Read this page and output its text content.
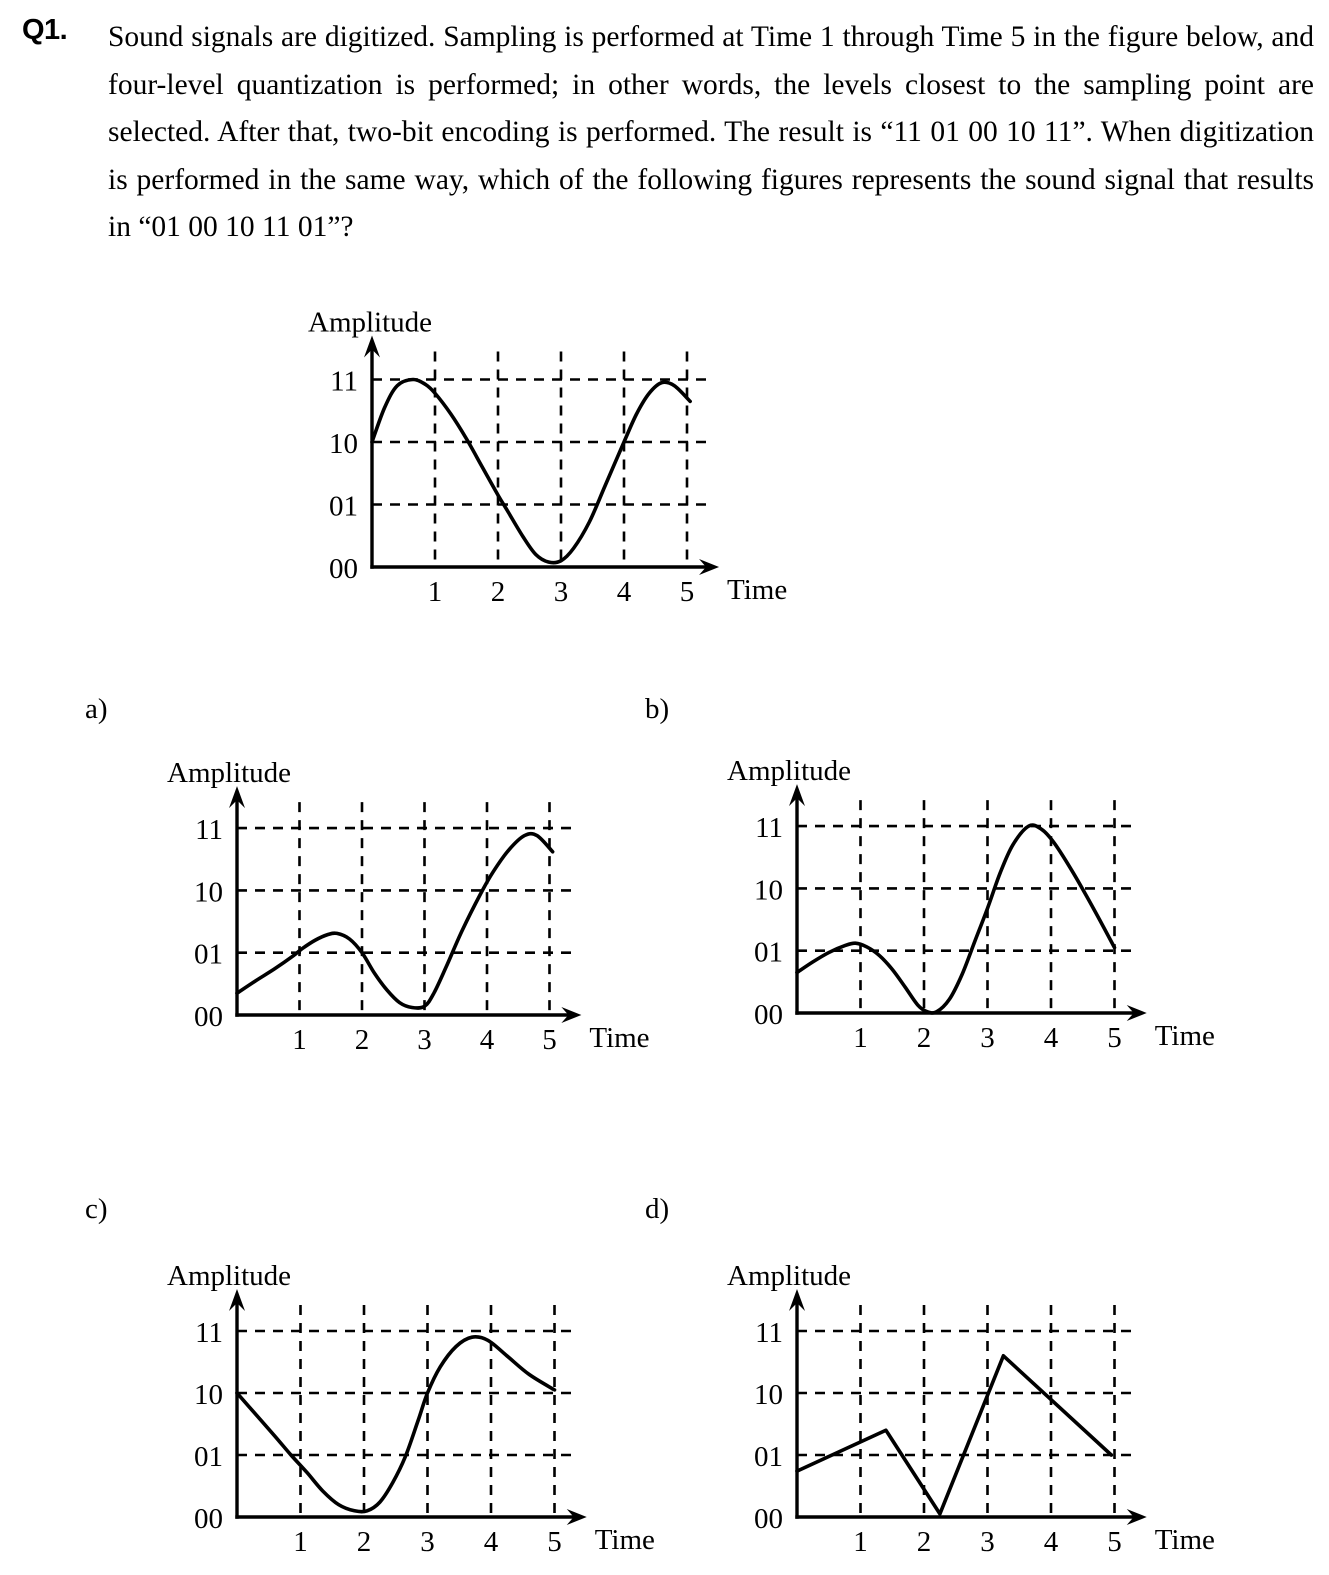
Q1. Sound signals are digitized. Sampling is performed at Time 1 through Time 5 in the figure below, and four-level quantization is performed; in other words, the levels closest to the sampling point are selected. After that, two-bit encoding is performed. The result is “11 01 00 10 11”. When digitization is performed in the same way, which of the following figures represents the sound signal that results in “01 00 10 11 01”?
Amplitude
Time
11
10
01
00
1 2 3 4 5
a)
Amplitude
Time
11
10
01
00
1 2 3 4 5
b)
Amplitude
Time
11
10
01
00
1 2 3 4 5
c)
Amplitude
Time
11
10
01
00
1 2 3 4 5
d)
Amplitude
Time
11
10
01
00
1 2 3 4 5
